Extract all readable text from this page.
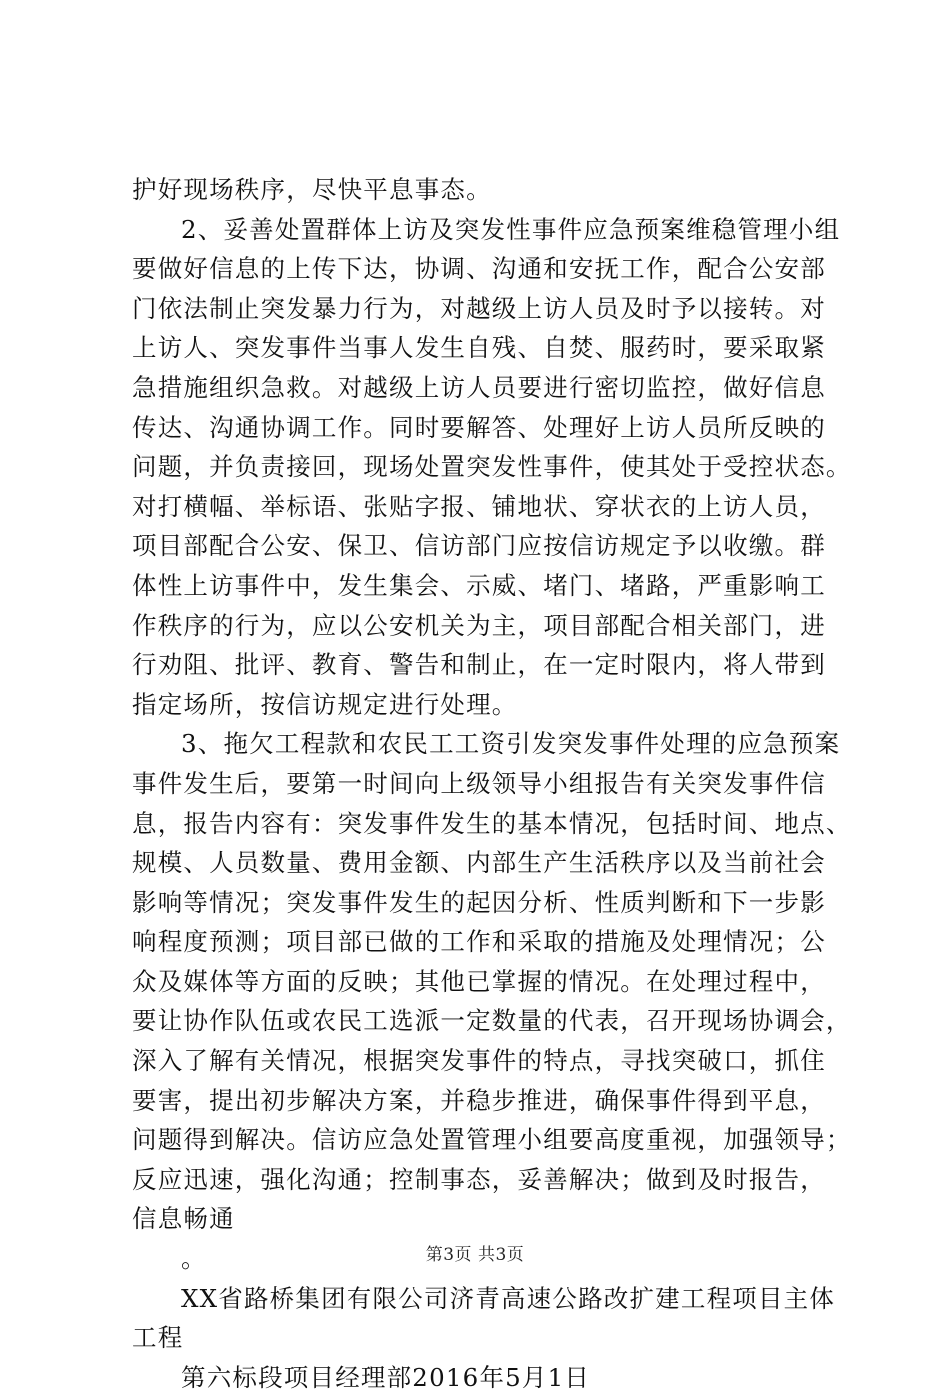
护好现场秩序，尽快平息事态。
2、妥善处置群体上访及突发性事件应急预案维稳管理小组
要做好信息的上传下达，协调、沟通和安抚工作，配合公安部
门依法制止突发暴力行为，对越级上访人员及时予以接转。对
上访人、突发事件当事人发生自残、自焚、服药时，要采取紧
急措施组织急救。对越级上访人员要进行密切监控，做好信息
传达、沟通协调工作。同时要解答、处理好上访人员所反映的
问题，并负责接回，现场处置突发性事件，使其处于受控状态。
对打横幅、举标语、张贴字报、铺地状、穿状衣的上访人员，
项目部配合公安、保卫、信访部门应按信访规定予以收缴。群
体性上访事件中，发生集会、示威、堵门、堵路，严重影响工
作秩序的行为，应以公安机关为主，项目部配合相关部门，进
行劝阻、批评、教育、警告和制止，在一定时限内，将人带到
指定场所，按信访规定进行处理。
3、拖欠工程款和农民工工资引发突发事件处理的应急预案
事件发生后，要第一时间向上级领导小组报告有关突发事件信
息，报告内容有：突发事件发生的基本情况，包括时间、地点、
规模、人员数量、费用金额、内部生产生活秩序以及当前社会
影响等情况；突发事件发生的起因分析、性质判断和下一步影
响程度预测；项目部已做的工作和采取的措施及处理情况；公
众及媒体等方面的反映；其他已掌握的情况。在处理过程中，
要让协作队伍或农民工选派一定数量的代表，召开现场协调会，
深入了解有关情况，根据突发事件的特点，寻找突破口，抓住
要害，提出初步解决方案，并稳步推进，确保事件得到平息，
问题得到解决。信访应急处置管理小组要高度重视，加强领导；
反应迅速，强化沟通；控制事态，妥善解决；做到及时报告，
信息畅通
。
XX省路桥集团有限公司济青高速公路改扩建工程项目主体
工程
第六标段项目经理部2016年5月1日
第3页 共3页
